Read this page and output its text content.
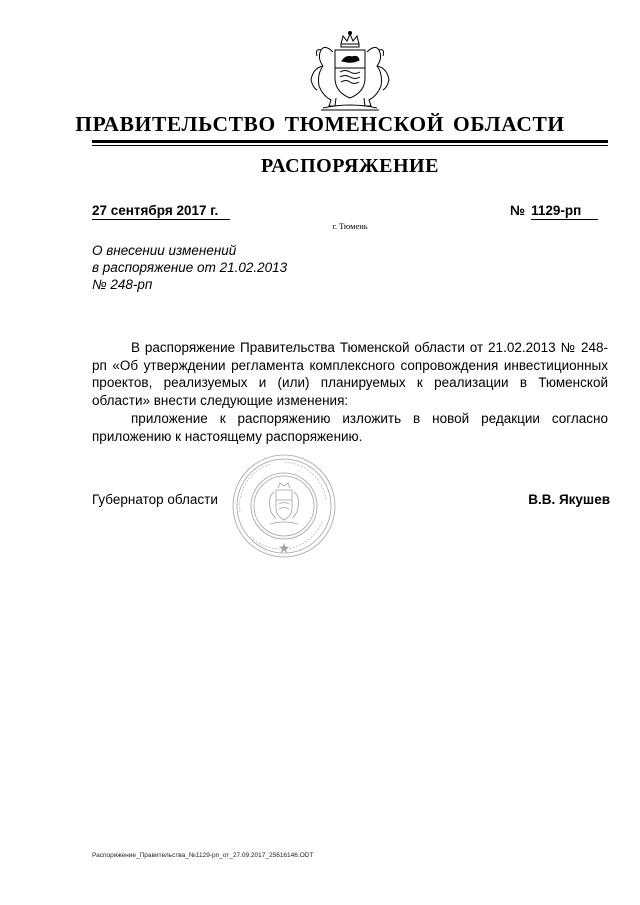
ПРАВИТЕЛЬСТВО ТЮМЕНСКОЙ ОБЛАСТИ
РАСПОРЯЖЕНИЕ
27 сентября 2017 г.	№ 1129-рп
г. Тюмень
О внесении изменений
в распоряжение от 21.02.2013
№ 248-рп

В распоряжение Правительства Тюменской области от 21.02.2013 № 248-рп «Об утверждении регламента комплексного сопровождения инвестиционных проектов, реализуемых и (или) планируемых к реализации в Тюменской области» внести следующие изменения:

приложение к распоряжению изложить в новой редакции согласно приложению к настоящему распоряжению.

Губернатор области	В.В. Якушев
Распоряжение_Правительства_№1129-рп_от_27.09.2017_25616146.ODT
